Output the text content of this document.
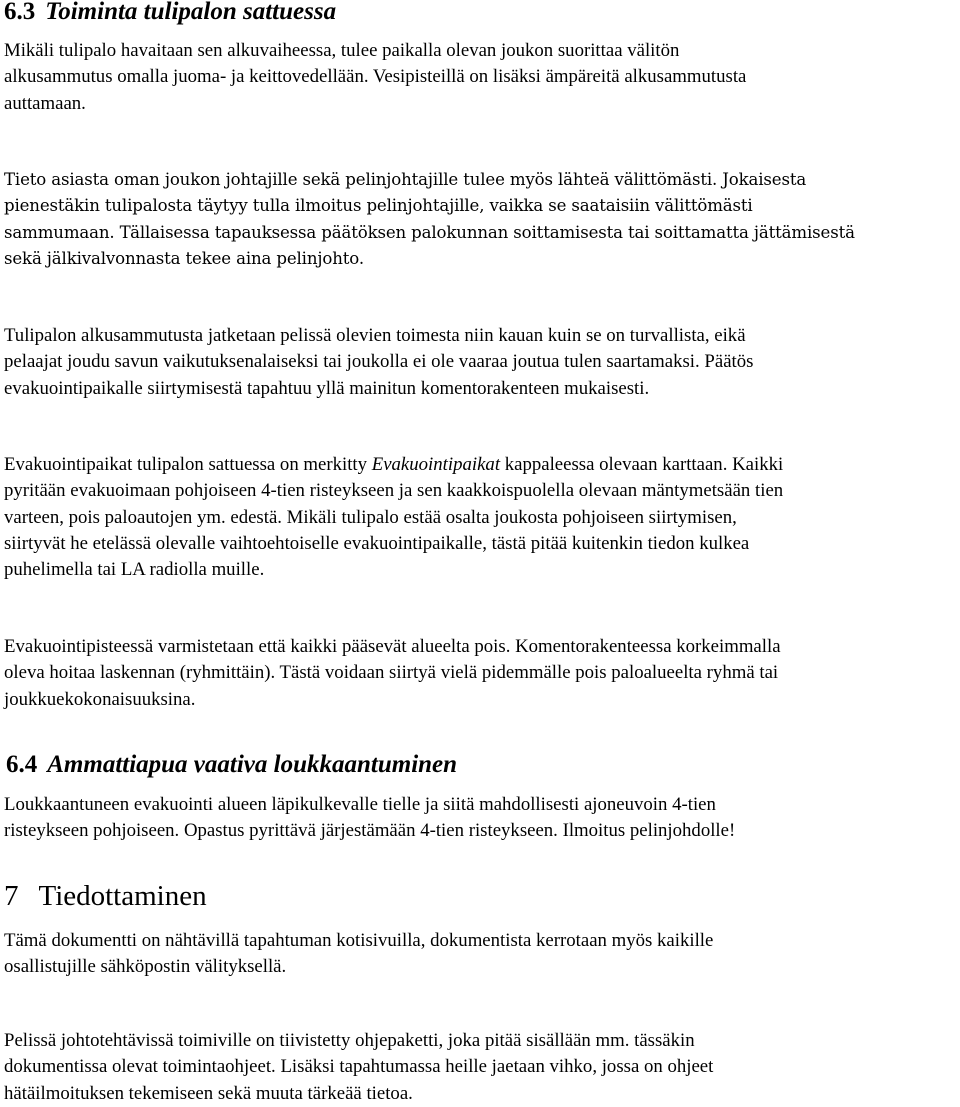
6.3 Toiminta tulipalon sattuessa
Mikäli tulipalo havaitaan sen alkuvaiheessa, tulee paikalla olevan joukon suorittaa välitön
alkusammutus omalla juoma- ja keittovedellään. Vesipisteillä on lisäksi ämpäreitä alkusammutusta
auttamaan.
Tieto asiasta oman joukon johtajille sekä pelinjohtajille tulee myös lähteä välittömästi. Jokaisesta
pienestäkin tulipalosta täytyy tulla ilmoitus pelinjohtajille, vaikka se saataisiin välittömästi
sammumaan. Tällaisessa tapauksessa päätöksen palokunnan soittamisesta tai soittamatta jättämisestä
sekä jälkivalvonnasta tekee aina pelinjohto.
Tulipalon alkusammutusta jatketaan pelissä olevien toimesta niin kauan kuin se on turvallista, eikä
pelaajat joudu savun vaikutuksenalaiseksi tai joukolla ei ole vaaraa joutua tulen saartamaksi. Päätös
evakuointipaikalle siirtymisestä tapahtuu yllä mainitun komentorakenteen mukaisesti.
Evakuointipaikat tulipalon sattuessa on merkitty Evakuointipaikat kappaleessa olevaan karttaan. Kaikki
pyritään evakuoimaan pohjoiseen 4-tien risteykseen ja sen kaakkoispuolella olevaan mäntymetsään tien
varteen, pois paloautojen ym. edestä. Mikäli tulipalo estää osalta joukosta pohjoiseen siirtymisen,
siirtyvät he etelässä olevalle vaihtoehtoiselle evakuointipaikalle, tästä pitää kuitenkin tiedon kulkea
puhelimella tai LA radiolla muille.
Evakuointipisteessä varmistetaan että kaikki pääsevät alueelta pois. Komentorakenteessa korkeimmalla
oleva hoitaa laskennan (ryhmittäin). Tästä voidaan siirtyä vielä pidemmälle pois paloalueelta ryhmä tai
joukkuekokonaisuuksina.
6.4 Ammattiapua vaativa loukkaantuminen
Loukkaantuneen evakuointi alueen läpikulkevalle tielle ja siitä mahdollisesti ajoneuvoin 4-tien
risteykseen pohjoiseen. Opastus pyrittävä järjestämään 4-tien risteykseen. Ilmoitus pelinjohdolle!
7 Tiedottaminen
Tämä dokumentti on nähtävillä tapahtuman kotisivuilla, dokumentista kerrotaan myös kaikille
osallistujille sähköpostin välityksellä.
Pelissä johtotehtävissä toimiville on tiivistetty ohjepaketti, joka pitää sisällään mm. tässäkin
dokumentissa olevat toimintaohjeet. Lisäksi tapahtumassa heille jaetaan vihko, jossa on ohjeet
hätäilmoituksen tekemiseen sekä muuta tärkeää tietoa.
